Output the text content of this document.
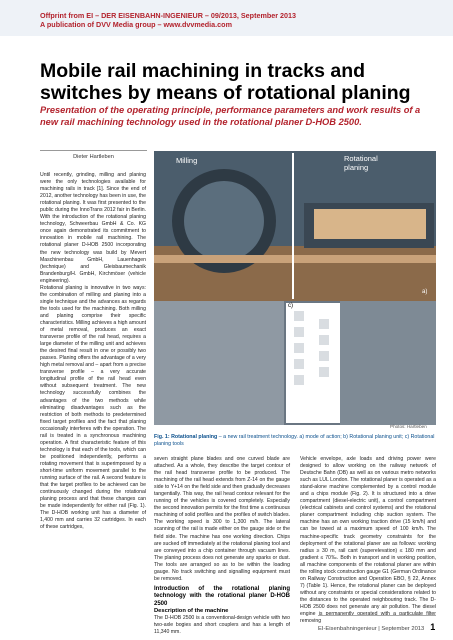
Offprint from EI – DER EISENBAHN-INGENIEUR – 09/2013, September 2013
A publication of DVV Media group – www.dvvmedia.com
Mobile rail machining in tracks and switches by means of rotational planing
Presentation of the operating principle, performance parameters and work results of a new rail machining technology used in the rotational planer D-HOB 2500.
Dieter Hartleben

Until recently, grinding, milling and planing were the only technologies available for machining rails in track [1]. Since the end of 2012, another technology has been in use, the rotational planing. It was first presented to the public during the InnoTrans 2012 fair in Berlin. With the introduction of the rotational planing technology, Schweerbau GmbH & Co. KG once again demonstrated its commitment to innovation in mobile rail machining. The rotational planer D-HOB 2500 incorporating the new technology was build by Mevert Maschinenbau GmbH, Lauenhagen (technique) and Gleisbaumechanik Brandenburg/H. GmbH, Kirchmöser (vehicle engineering).

Rotational planing is innovative in two ways: the combination of milling and planing into a single technique and the advances as regards the tools used for the machining. Both milling and planing comprise their specific characteristics. Milling achieves a high amount of metal removal, produces an exact transverse profile of the rail head, requires a large diameter of the milling unit and achieves the desired final result in one or possibly two passes. Planing offers the advantage of a very high metal removal and – apart from a precise transverse profile – a very accurate longitudinal profile of the rail head even without subsequent treatment. The new technology successfully combines the advantages of the two methods while eliminating disadvantages such as the restriction of both methods to predetermined fixed target profiles and the fact that planing occasionally interferes with the operation. The rail is treated in a synchronous machining operation. A first characteristic feature of this technology is that each of the tools, which can be positioned independently, performs a rotating movement that is superimposed by a short-time uniform movement parallel to the running surface of the rail. A second feature is that the target profiles to be achieved can be continuously changed during the rotational planing process and that these changes can be made independently for either rail (Fig. 1). The D-HOB working unit has a diameter of 1,400 mm and carries 32 cartridges. In each of these cartridges,

Milling	Rotational
planing
a)
c)
Photos: Hartleben
Fig. 1: Rotational planing – a new rail treatment technology. a) mode of action; b) Rotational planing unit; c) Rotational planing tools

seven straight plane blades and one curved blade are attached. As a whole, they describe the target contour of the rail head transverse profile to be produced. The machining of the rail head extends from Z-14 on the gauge side to Y+14 on the field side and then gradually decreases tangentially. This way, the rail head contour relevant for the running of the vehicles is covered completely. Especially the second innovation permits for the first time a continuous machining of solid profiles and the profiles of switch blades. The working speed is 300 to 1,300 m/h. The lateral scanning of the rail is made either on the gauge side or the field side. The machine has one working direction. Chips are sucked off immediately at the rotational planing tool and are conveyed into a chip container through vacuum lines. The planing process does not generate any sparks or dust. The tools are arranged so as to be within the loading gauge. No track switching and signalling equipment must be removed.

Introduction of the rotational planing technology with the rotational planer D-HOB 2500
Description of the machine

The D-HOB 2500 is a conventional-design vehicle with two two-axle bogies and short couplers and has a length of 11,340 mm.

Vehicle envelope, axle loads and driving power were designed to allow working on the railway network of Deutsche Bahn (DB) as well as on various metro networks such as LUL London. The rotational planer is operated as a stand-alone machine complemented by a control module and a chips module (Fig. 2). It is structured into a drive compartment (diesel-electric unit), a control compartment (electrical cabinets and control systems) and the rotational planer compartment including chip suction system. The machine has an own working traction drive (15 km/h) and can be towed at a maximum speed of 100 km/h. The machine-specific track geometry constraints for the deployment of the rotational planer are as follows: working radius ≥ 30 m, rail cant (superelevation) ≤ 180 mm and gradient ≤ 70‰. Both in transport and in working position, all machine components of the rotational planer are within the rolling stock construction gauge G1 (German Ordinance on Railway Construction and Operation EBO, § 22, Annex 7) (Table 1). Hence, the rotational planer can be deployed without any constraints or special considerations related to the distances to the operated neighbouring track. The D-HOB 2500 does not generate any air pollution. The diesel engine is permanently operated with a particulate filter removing

EI-Eisenbahningenieur | September 2013 1
